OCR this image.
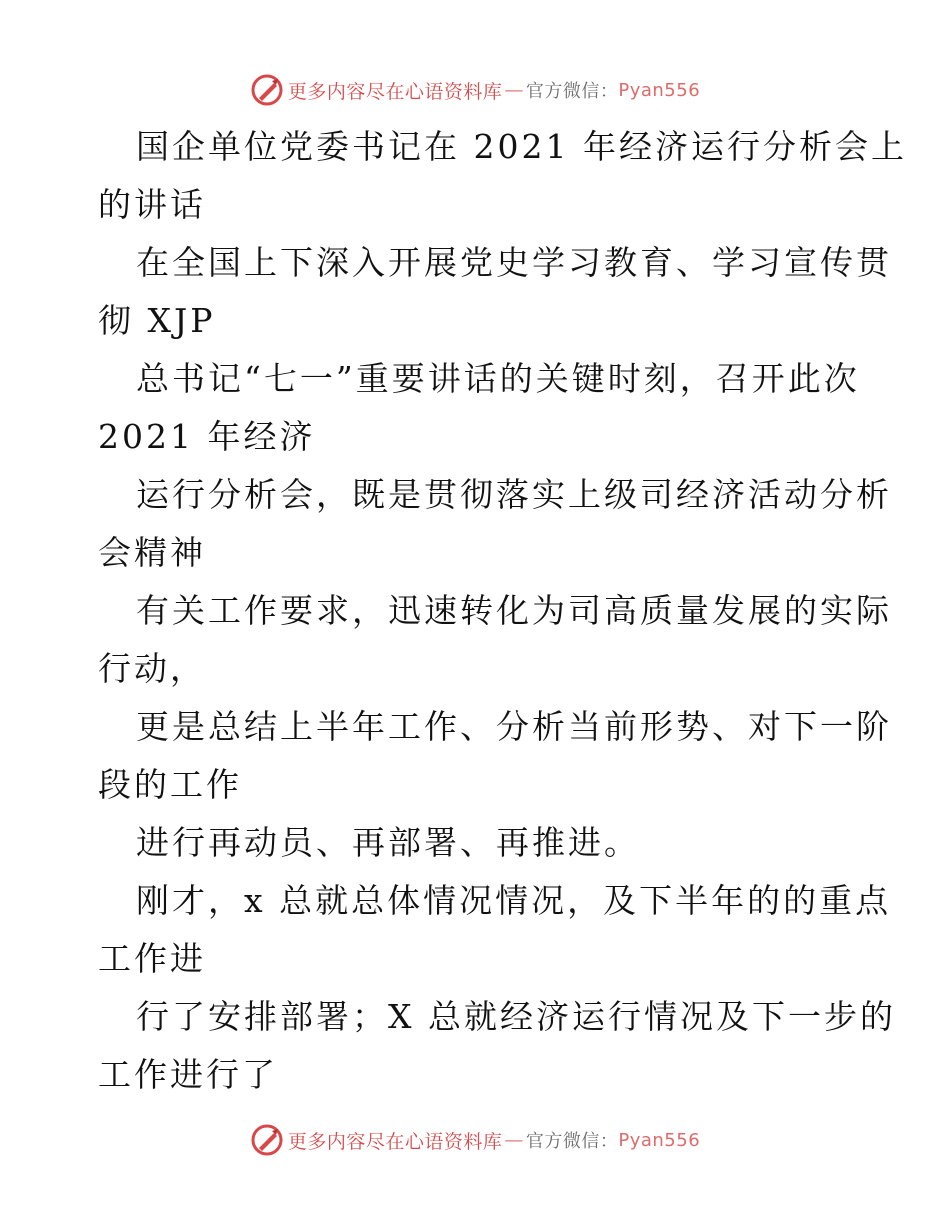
更多内容尽在心语资料库 — 官方微信： Pyan556
国企单位党委书记在 2021 年经济运行分析会上
的讲话
在全国上下深入开展党史学习教育、学习宣传贯
彻 XJP
总书记“七一”重要讲话的关键时刻，召开此次
2021 年经济
运行分析会，既是贯彻落实上级司经济活动分析
会精神
有关工作要求，迅速转化为司高质量发展的实际
行动，
更是总结上半年工作、分析当前形势、对下一阶
段的工作
进行再动员、再部署、再推进。
刚才，x 总就总体情况情况，及下半年的的重点
工作进
行了安排部署；X 总就经济运行情况及下一步的
工作进行了
更多内容尽在心语资料库 — 官方微信： Pyan556
